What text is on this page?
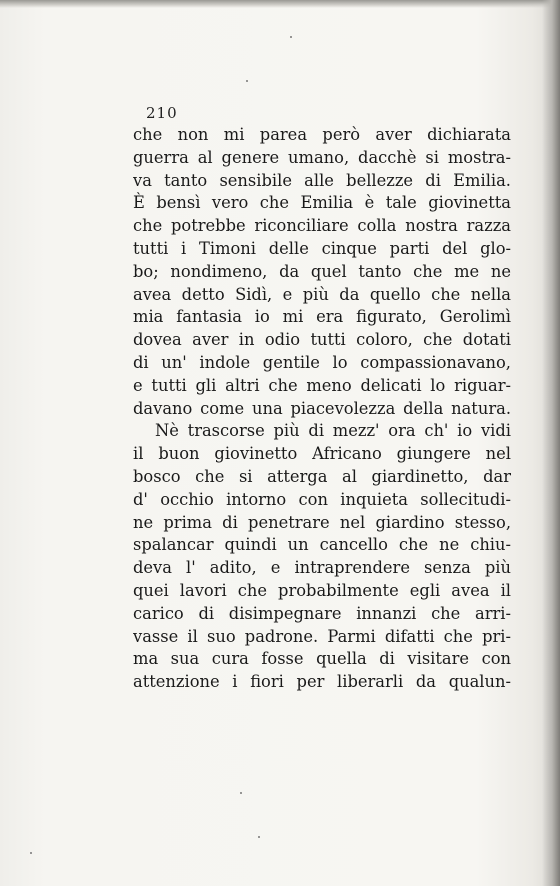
210
che non mi parea però aver dichiarata
guerra al genere umano, dacchè si mostra-
va tanto sensibile alle bellezze di Emilia.
È bensì vero che Emilia è tale giovinetta
che potrebbe riconciliare colla nostra razza
tutti i Timoni delle cinque parti del glo-
bo; nondimeno, da quel tanto che me ne
avea detto Sidì, e più da quello che nella
mia fantasia io mi era figurato, Gerolimì
dovea aver in odio tutti coloro, che dotati
di un' indole gentile lo compassionavano,
e tutti gli altri che meno delicati lo riguar-
davano come una piacevolezza della natura.
Nè trascorse più di mezz' ora ch' io vidi
il buon giovinetto Africano giungere nel
bosco che si atterga al giardinetto, dar
d' occhio intorno con inquieta sollecitudi-
ne prima di penetrare nel giardino stesso,
spalancar quindi un cancello che ne chiu-
deva l' adito, e intraprendere senza più
quei lavori che probabilmente egli avea il
carico di disimpegnare innanzi che arri-
vasse il suo padrone. Parmi difatti che pri-
ma sua cura fosse quella di visitare con
attenzione i fiori per liberarli da qualun-
